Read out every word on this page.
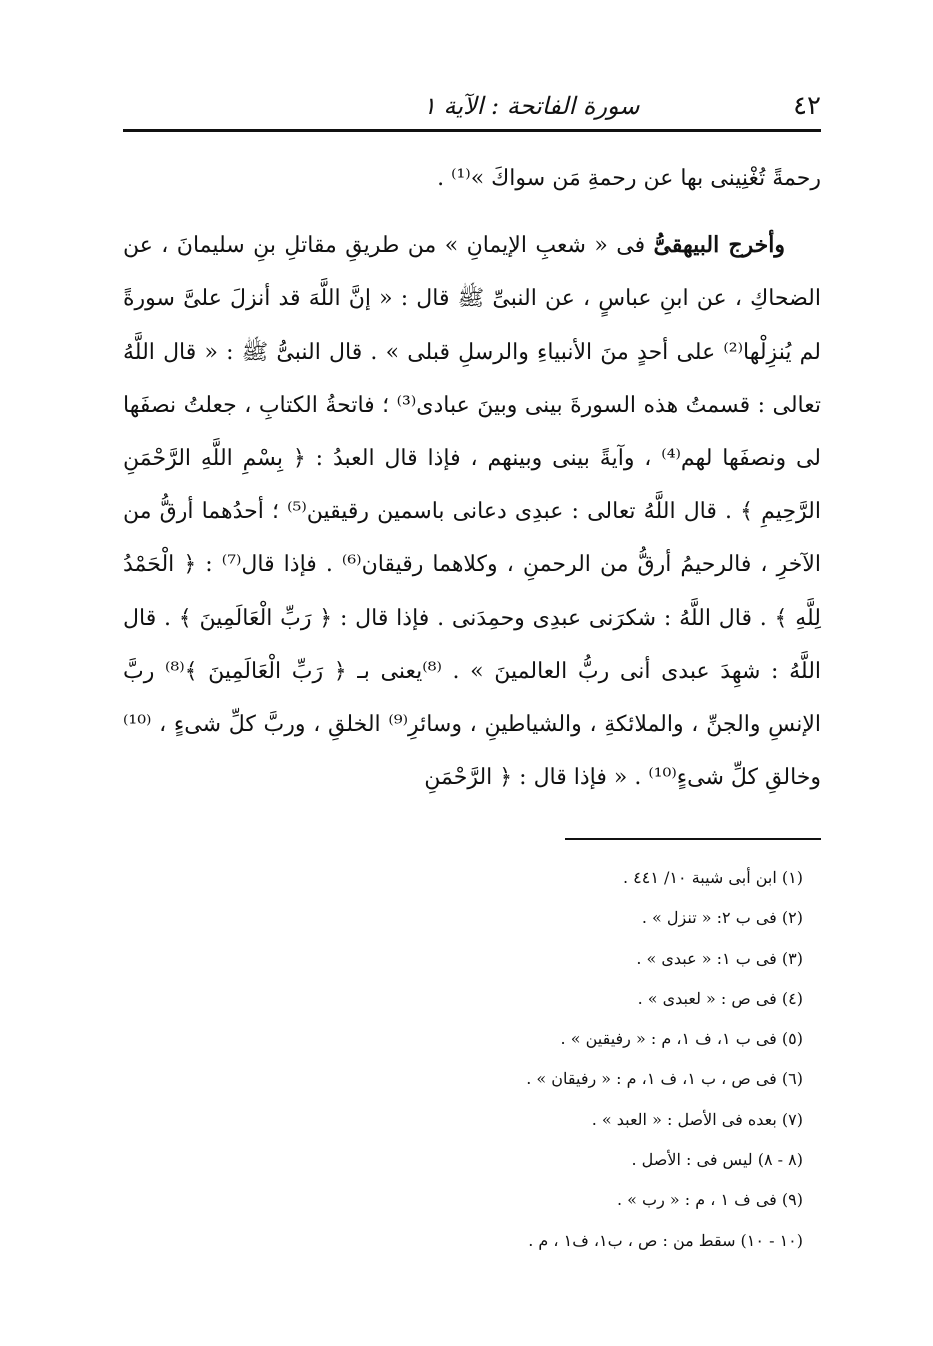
٤٢
سورة الفاتحة : الآية ١

رحمةً تُغْنِينى بها عن رحمةِ مَن سواكَ »⁽¹⁾ .

وأخرج البيهقىُّ فى « شعبِ الإيمانِ » من طريقِ مقاتلِ بنِ سليمانَ ، عن الضحاكِ ، عن ابنِ عباسٍ ، عن النبىِّ ﷺ قال : « إنَّ اللَّهَ قد أنزلَ علىَّ سورةً لم يُنزِلْها⁽²⁾ على أحدٍ منَ الأنبياءِ والرسلِ قبلى » . قال النبىُّ ﷺ : « قال اللَّهُ تعالى : قسمتُ هذه السورةَ بينى وبينَ عبادى⁽³⁾ ؛ فاتحةُ الكتابِ ، جعلتُ نصفَها لى ونصفَها لهم⁽⁴⁾ ، وآيةً بينى وبينهم ، فإذا قال العبدُ : ﴿ بِسْمِ اللَّهِ الرَّحْمَنِ الرَّحِيمِ ﴾ . قال اللَّهُ تعالى : عبدِى دعانى باسمين رقيقين⁽⁵⁾ ؛ أحدُهما أرقُّ من الآخرِ ، فالرحيمُ أرقُّ من الرحمنِ ، وكلاهما رقيقان⁽⁶⁾ . فإذا قال⁽⁷⁾ : ﴿ الْحَمْدُ لِلَّهِ ﴾ . قال اللَّهُ : شكرَنى عبدِى وحمِدَنى . فإذا قال : ﴿ رَبِّ الْعَالَمِينَ ﴾ . قال اللَّهُ : شهِدَ عبدى أنى ربُّ العالمينَ » . ⁽⁸⁾يعنى بـ ﴿ رَبِّ الْعَالَمِينَ ﴾⁽⁸⁾ ربَّ الإنسِ والجنِّ ، والملائكةِ ، والشياطينِ ، وسائرِ⁽⁹⁾ الخلقِ ، وربَّ كلِّ شىءٍ ، ⁽¹⁰⁾وخالقِ كلِّ شىءٍ⁽¹⁰⁾ . « فإذا قال : ﴿ الرَّحْمَنِ

(١) ابن أبى شيبة ١٠/ ٤٤١ .
(٢) فى ب ٢: « تنزل » .
(٣) فى ب ١: « عبدى » .
(٤) فى ص : « لعبدى » .
(٥) فى ب ١، ف ١، م : « رفيقين » .
(٦) فى ص ، ب ١، ف ١، م : « رفيقان » .
(٧) بعده فى الأصل : « العبد » .
(٨ - ٨) ليس فى : الأصل .
(٩) فى ف ١ ، م : « رب » .
(١٠ - ١٠) سقط من : ص ، ب١، ف١ ، م .
